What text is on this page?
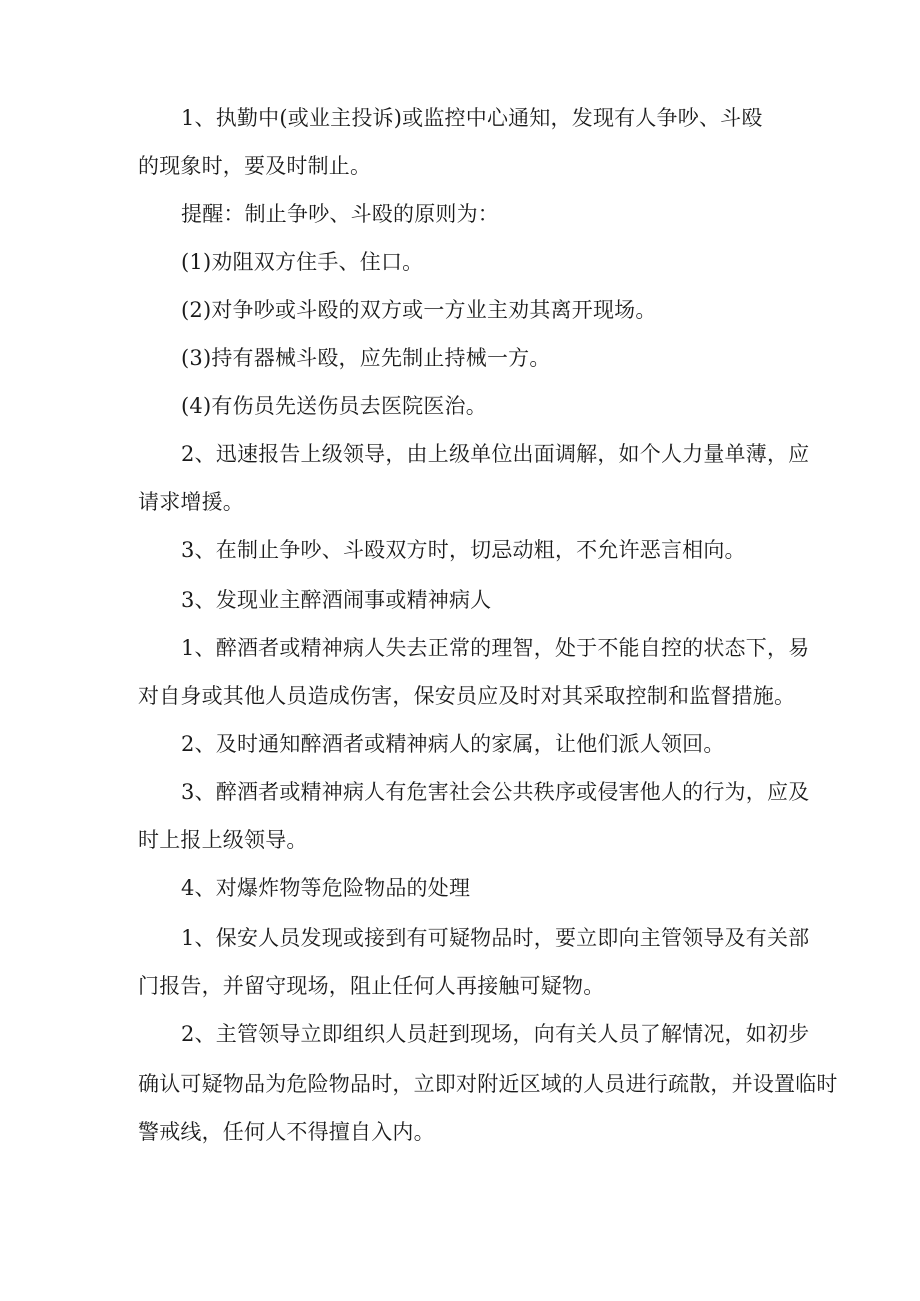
1、执勤中(或业主投诉)或监控中心通知，发现有人争吵、斗殴

的现象时，要及时制止。

提醒：制止争吵、斗殴的原则为：

(1)劝阻双方住手、住口。

(2)对争吵或斗殴的双方或一方业主劝其离开现场。

(3)持有器械斗殴，应先制止持械一方。

(4)有伤员先送伤员去医院医治。

2、迅速报告上级领导，由上级单位出面调解，如个人力量单薄，应

请求增援。

3、在制止争吵、斗殴双方时，切忌动粗，不允许恶言相向。

3、发现业主醉酒闹事或精神病人

1、醉酒者或精神病人失去正常的理智，处于不能自控的状态下，易

对自身或其他人员造成伤害，保安员应及时对其采取控制和监督措施。

2、及时通知醉酒者或精神病人的家属，让他们派人领回。

3、醉酒者或精神病人有危害社会公共秩序或侵害他人的行为，应及

时上报上级领导。

4、对爆炸物等危险物品的处理

1、保安人员发现或接到有可疑物品时，要立即向主管领导及有关部

门报告，并留守现场，阻止任何人再接触可疑物。

2、主管领导立即组织人员赶到现场，向有关人员了解情况，如初步

确认可疑物品为危险物品时，立即对附近区域的人员进行疏散，并设置临时

警戒线，任何人不得擅自入内。
